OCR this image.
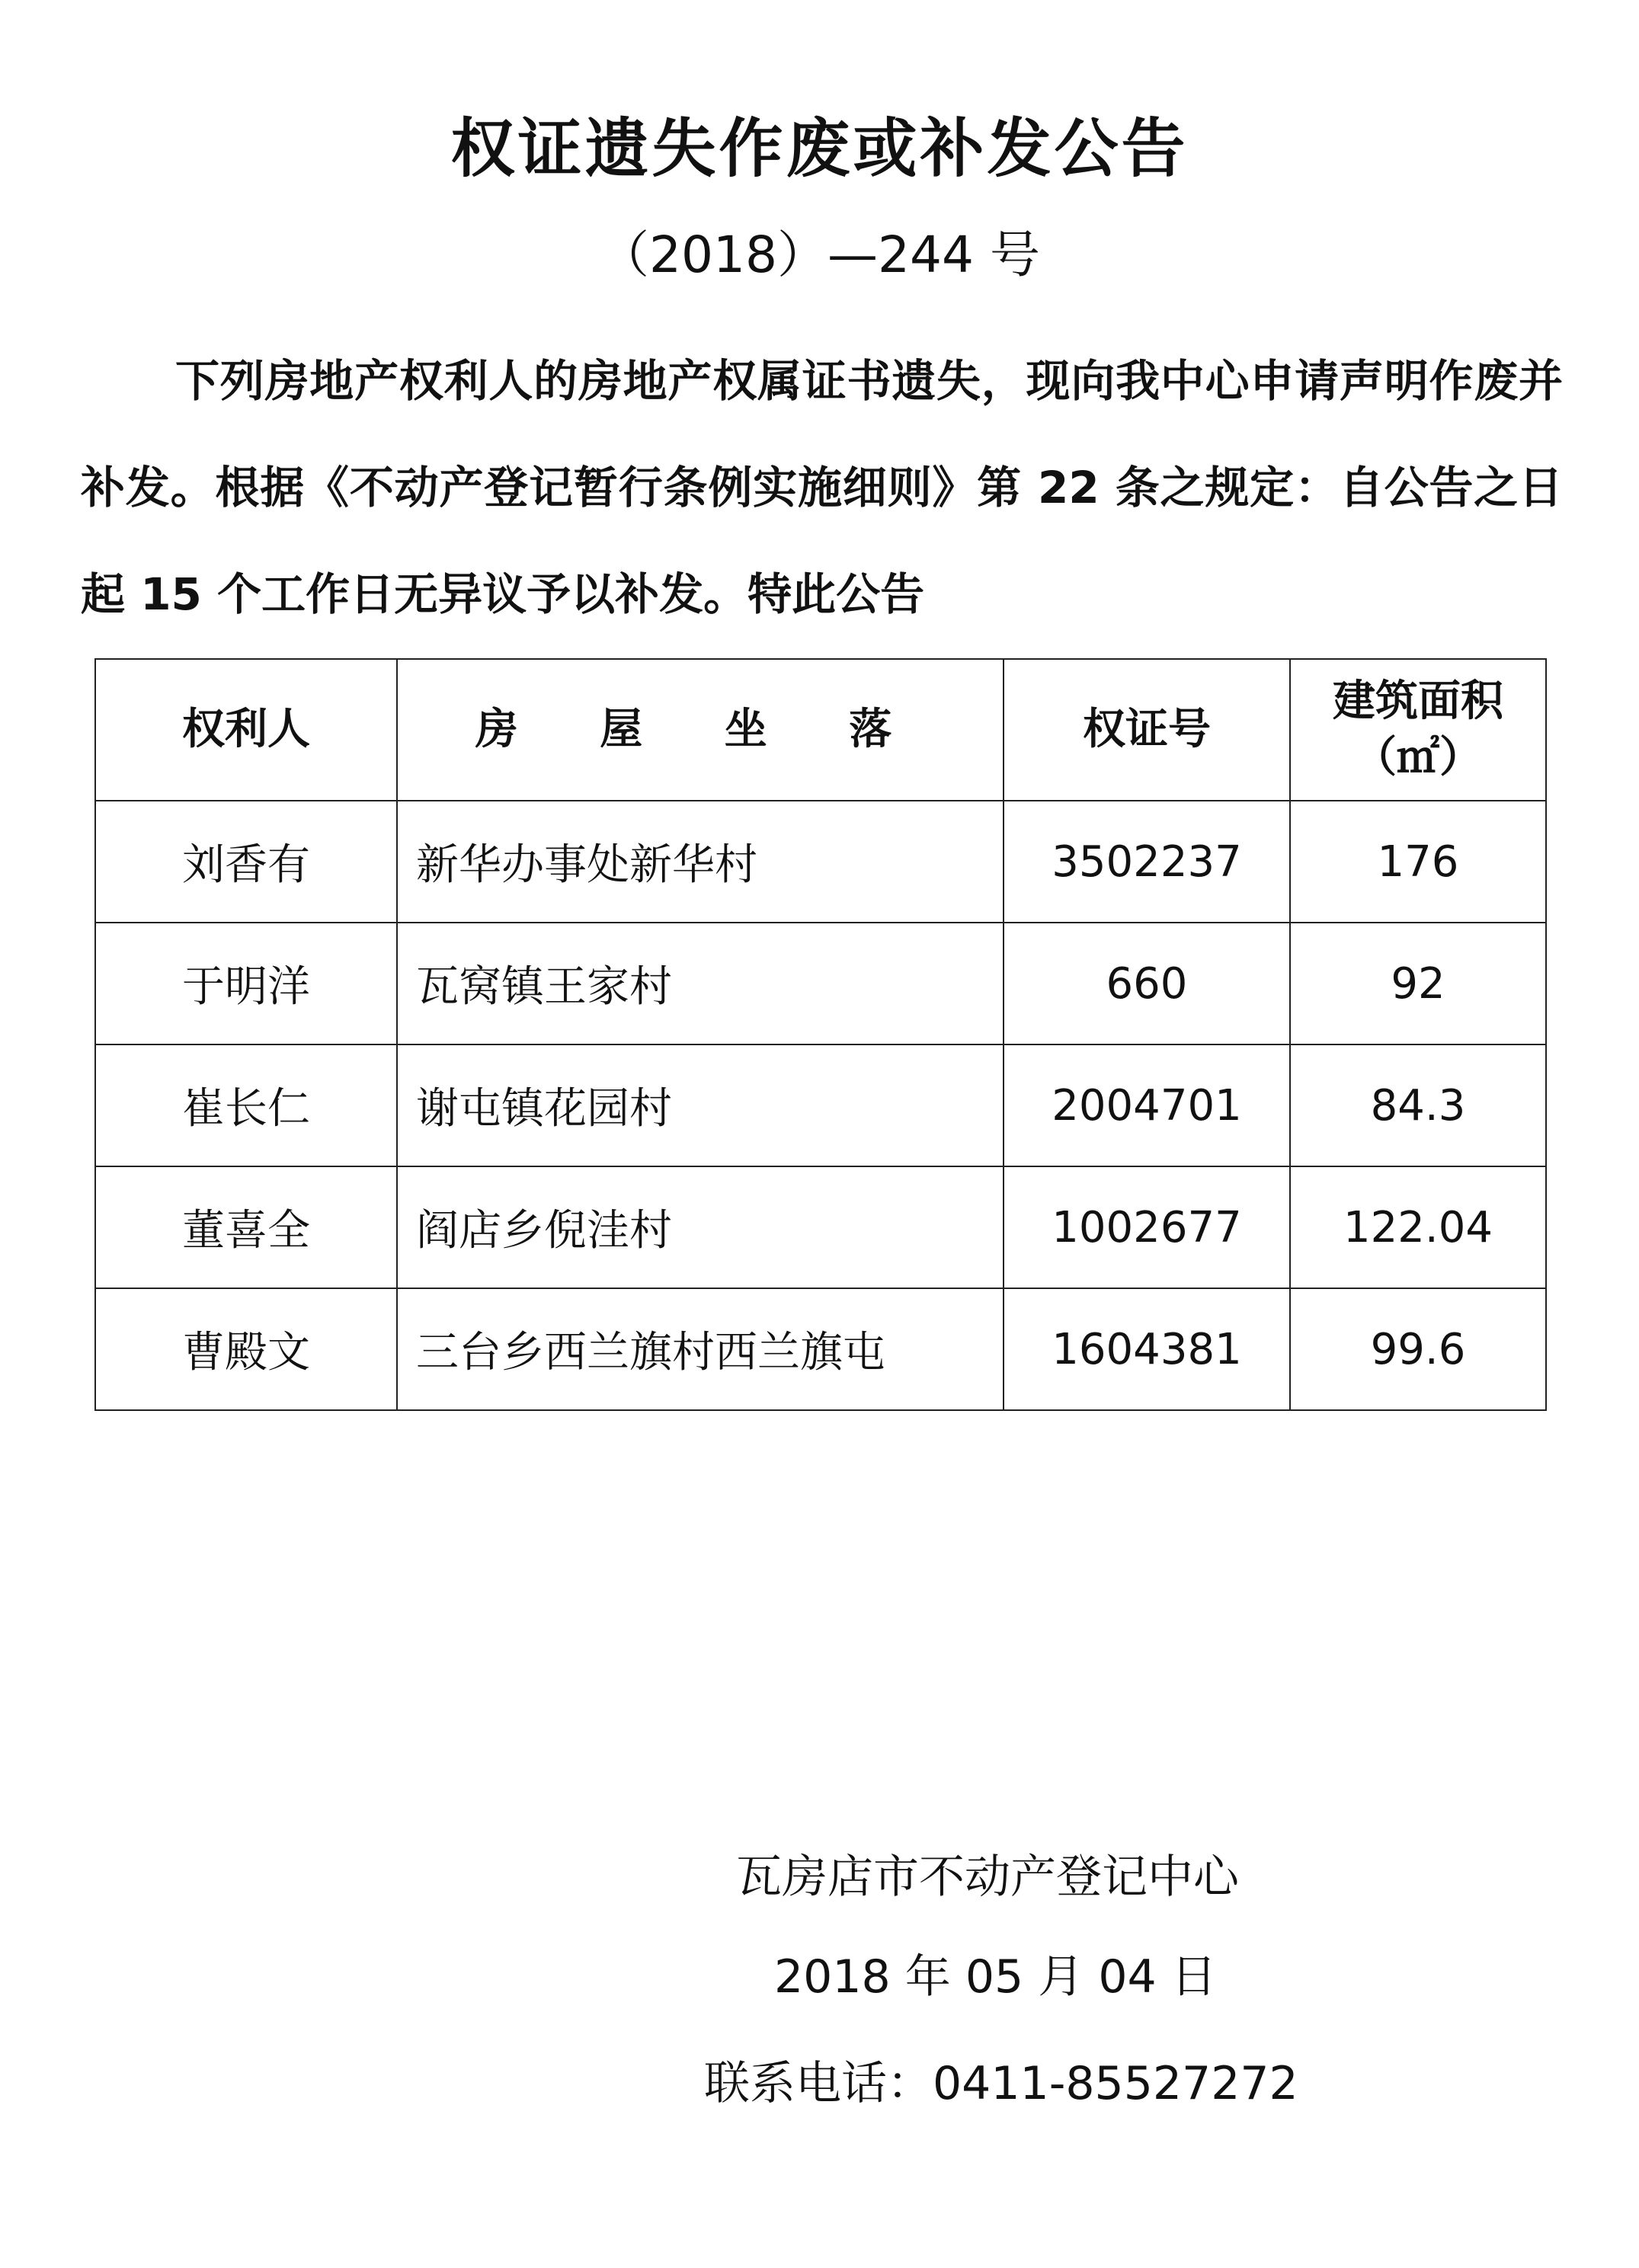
权证遗失作废或补发公告
（2018）—244 号
下列房地产权利人的房地产权属证书遗失，现向我中心申请声明作废并补发。根据《不动产登记暂行条例实施细则》第 22 条之规定：自公告之日起 15 个工作日无异议予以补发。特此公告
权利人	房 屋 坐 落	权证号	建筑面积
（㎡）

刘香有	新华办事处新华村	3502237	176
于明洋	瓦窝镇王家村	660	92
崔长仁	谢屯镇花园村	2004701	84.3
董喜全	阎店乡倪洼村	1002677	122.04
曹殿文	三台乡西兰旗村西兰旗屯	1604381	99.6
瓦房店市不动产登记中心
2018 年 05 月 04 日
联系电话：0411-85527272
